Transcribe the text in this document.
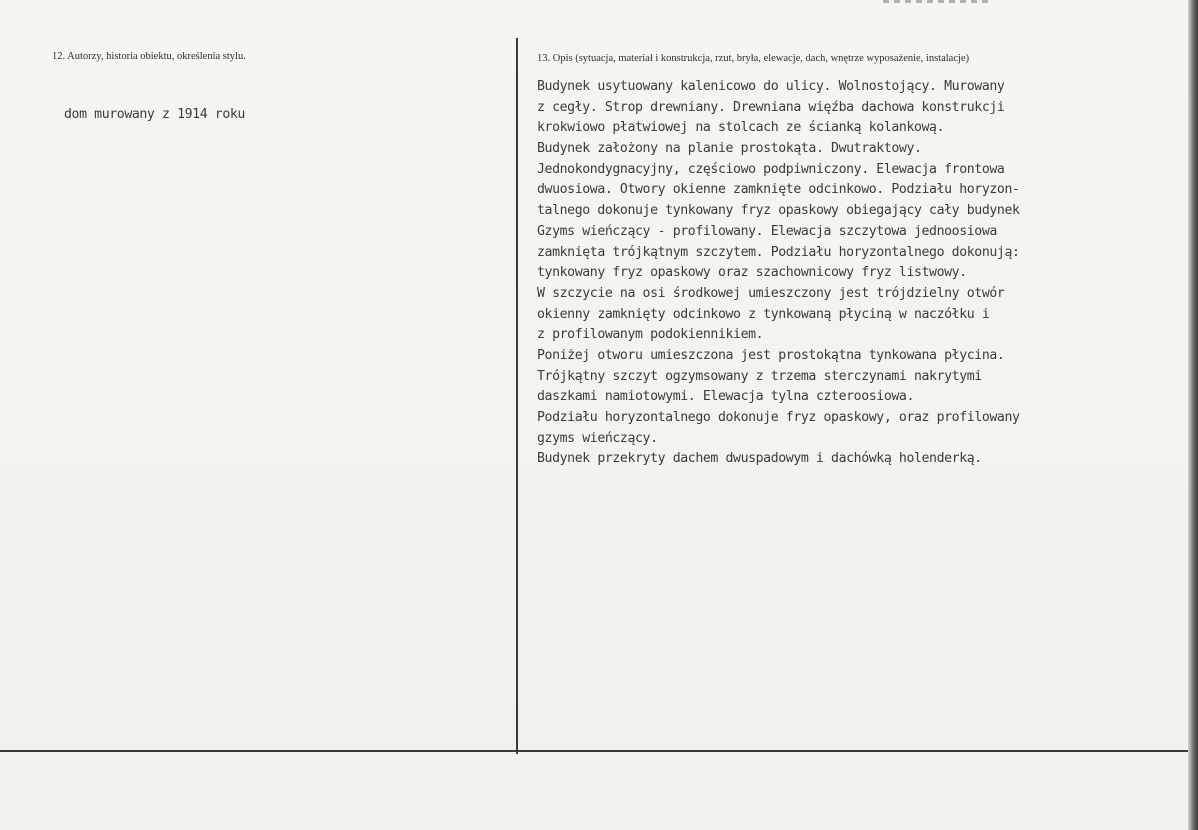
12. Autorzy, historia obiektu, określenia stylu.
dom murowany z 1914 roku
13. Opis (sytuacja, materiał i konstrukcja, rzut, bryła, elewacje, dach, wnętrze wyposażenie, instalacje)
Budynek usytuowany kalenicowo do ulicy. Wolnostojący. Murowany
z cegły. Strop drewniany. Drewniana więźba dachowa konstrukcji
krokwiowo płatwiowej na stolcach ze ścianką kolankową.
Budynek założony na planie prostokąta. Dwutraktowy.
Jednokondygnacyjny, częściowo podpiwniczony. Elewacja frontowa
dwuosiowa. Otwory okienne zamknięte odcinkowo. Podziału horyzon-
talnego dokonuje tynkowany fryz opaskowy obiegający cały budynek
Gzyms wieńczący - profilowany. Elewacja szczytowa jednoosiowa
zamknięta trójkątnym szczytem. Podziału horyzontalnego dokonują:
tynkowany fryz opaskowy oraz szachownicowy fryz listwowy.
W szczycie na osi środkowej umieszczony jest trójdzielny otwór
okienny zamknięty odcinkowo z tynkowaną płyciną w naczółku i
z profilowanym podokiennikiem.
Poniżej otworu umieszczona jest prostokątna tynkowana płycina.
Trójkątny szczyt ogzymsowany z trzema sterczynami nakrytymi
daszkami namiotowymi. Elewacja tylna czteroosiowa.
Podziału horyzontalnego dokonuje fryz opaskowy, oraz profilowany
gzyms wieńczący.
Budynek przekryty dachem dwuspadowym i dachówką holenderką.
